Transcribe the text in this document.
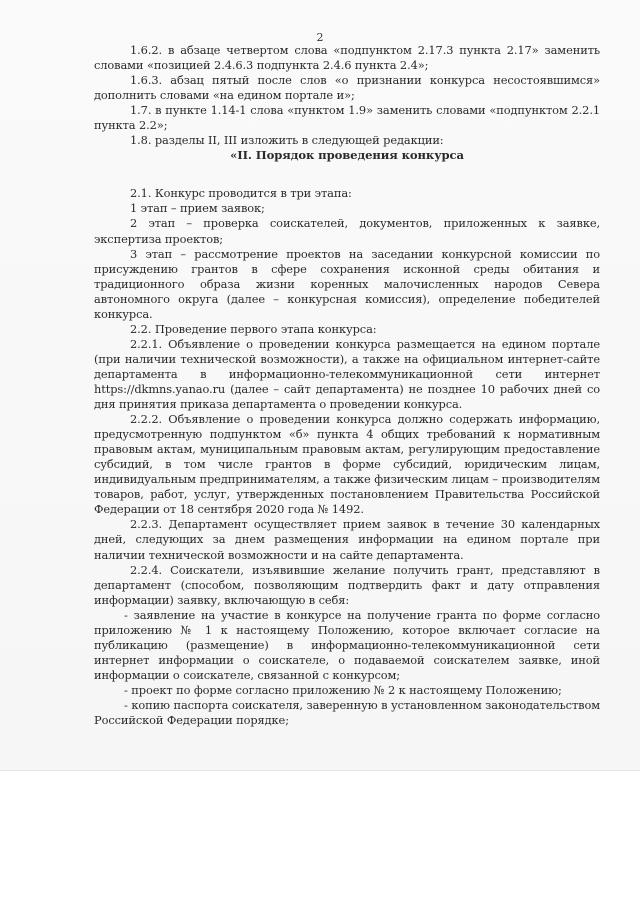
2

1.6.2. в абзаце четвертом слова «подпунктом 2.17.3 пункта 2.17» заменить словами «позицией 2.4.6.3 подпункта 2.4.6 пункта 2.4»;

1.6.3. абзац пятый после слов «о признании конкурса несостоявшимся» дополнить словами «на едином портале и»;

1.7. в пункте 1.14-1 слова «пунктом 1.9» заменить словами «подпунктом 2.2.1 пункта 2.2»;

1.8. разделы II, III изложить в следующей редакции:

«II. Порядок проведения конкурса

2.1. Конкурс проводится в три этапа:

1 этап – прием заявок;

2 этап – проверка соискателей, документов, приложенных к заявке, экспертиза проектов;

3 этап – рассмотрение проектов на заседании конкурсной комиссии по присуждению грантов в сфере сохранения исконной среды обитания и традиционного образа жизни коренных малочисленных народов Севера автономного округа (далее – конкурсная комиссия), определение победителей конкурса.

2.2. Проведение первого этапа конкурса:

2.2.1. Объявление о проведении конкурса размещается на едином портале (при наличии технической возможности), а также на официальном интернет-сайте департамента в информационно-телекоммуникационной сети интернет https://dkmns.yanao.ru (далее – сайт департамента) не позднее 10 рабочих дней со дня принятия приказа департамента о проведении конкурса.

2.2.2. Объявление о проведении конкурса должно содержать информацию, предусмотренную подпунктом «б» пункта 4 общих требований к нормативным правовым актам, муниципальным правовым актам, регулирующим предоставление субсидий, в том числе грантов в форме субсидий, юридическим лицам, индивидуальным предпринимателям, а также физическим лицам – производителям товаров, работ, услуг, утвержденных постановлением Правительства Российской Федерации от 18 сентября 2020 года № 1492.

2.2.3. Департамент осуществляет прием заявок в течение 30 календарных дней, следующих за днем размещения информации на едином портале при наличии технической возможности и на сайте департамента.

2.2.4. Соискатели, изъявившие желание получить грант, представляют в департамент (способом, позволяющим подтвердить факт и дату отправления информации) заявку, включающую в себя:

- заявление на участие в конкурсе на получение гранта по форме согласно приложению № 1 к настоящему Положению, которое включает согласие на публикацию (размещение) в информационно-телекоммуникационной сети интернет информации о соискателе, о подаваемой соискателем заявке, иной информации о соискателе, связанной с конкурсом;

- проект по форме согласно приложению № 2 к настоящему Положению;

- копию паспорта соискателя, заверенную в установленном законодательством Российской Федерации порядке;
